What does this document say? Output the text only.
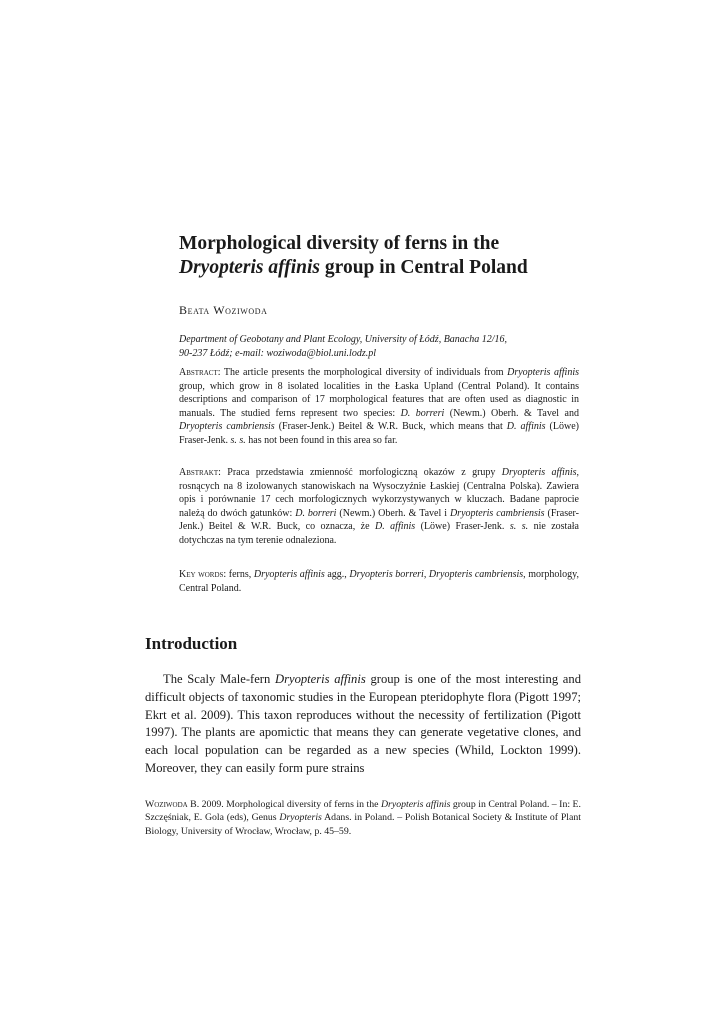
Morphological diversity of ferns in the
Dryopteris affinis group in Central Poland

Beata Woziwoda

Department of Geobotany and Plant Ecology, University of Łódź, Banacha 12/16,
90-237 Łódź; e-mail: woziwoda@biol.uni.lodz.pl

Abstract: The article presents the morphological diversity of individuals from Dryopteris affinis group, which grow in 8 isolated localities in the Łaska Upland (Central Poland). It contains descriptions and comparison of 17 morphological features that are often used as diagnostic in manuals. The studied ferns represent two species: D. borreri (Newm.) Oberh. & Tavel and Dryopteris cambriensis (Fraser-Jenk.) Beitel & W.R. Buck, which means that D. affinis (Löwe) Fraser-Jenk. s. s. has not been found in this area so far.

Abstrakt: Praca przedstawia zmienność morfologiczną okazów z grupy Dryopteris affinis, rosnących na 8 izolowanych stanowiskach na Wysoczyźnie Łaskiej (Centralna Polska). Zawiera opis i porównanie 17 cech morfologicznych wykorzystywanych w kluczach. Badane paprocie należą do dwóch gatunków: D. borreri (Newm.) Oberh. & Tavel i Dryopteris cambriensis (Fraser-Jenk.) Beitel & W.R. Buck, co oznacza, że D. affinis (Löwe) Fraser-Jenk. s. s. nie została dotychczas na tym terenie odnaleziona.

Key words: ferns, Dryopteris affinis agg., Dryopteris borreri, Dryopteris cambriensis, morphology, Central Poland.

Introduction

The Scaly Male-fern Dryopteris affinis group is one of the most interesting and difficult objects of taxonomic studies in the European pteridophyte flora (Pigott 1997; Ekrt et al. 2009). This taxon reproduces without the necessity of fertilization (Pigott 1997). The plants are apomictic that means they can generate vegetative clones, and each local population can be regarded as a new species (Whild, Lockton 1999). Moreover, they can easily form pure strains

Woziwoda B. 2009. Morphological diversity of ferns in the Dryopteris affinis group in Central Poland. – In: E. Szczęśniak, E. Gola (eds), Genus Dryopteris Adans. in Poland. – Polish Botanical Society & Institute of Plant Biology, University of Wrocław, Wrocław, p. 45–59.
